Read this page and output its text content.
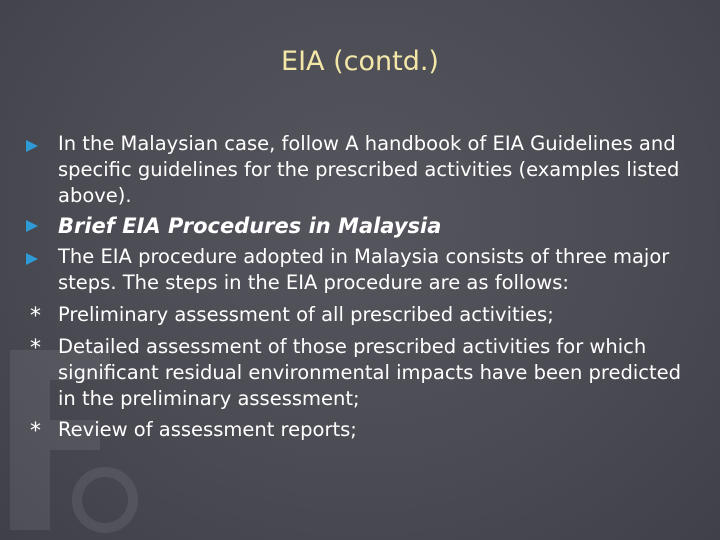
EIA (contd.)
In the Malaysian case, follow A handbook of EIA Guidelines and specific guidelines for the prescribed activities (examples listed above).
Brief EIA Procedures in Malaysia
The EIA procedure adopted in Malaysia consists of three major steps. The steps in the EIA procedure are as follows:
* Preliminary assessment of all prescribed activities;
* Detailed assessment of those prescribed activities for which significant residual environmental impacts have been predicted in the preliminary assessment;
* Review of assessment reports;
